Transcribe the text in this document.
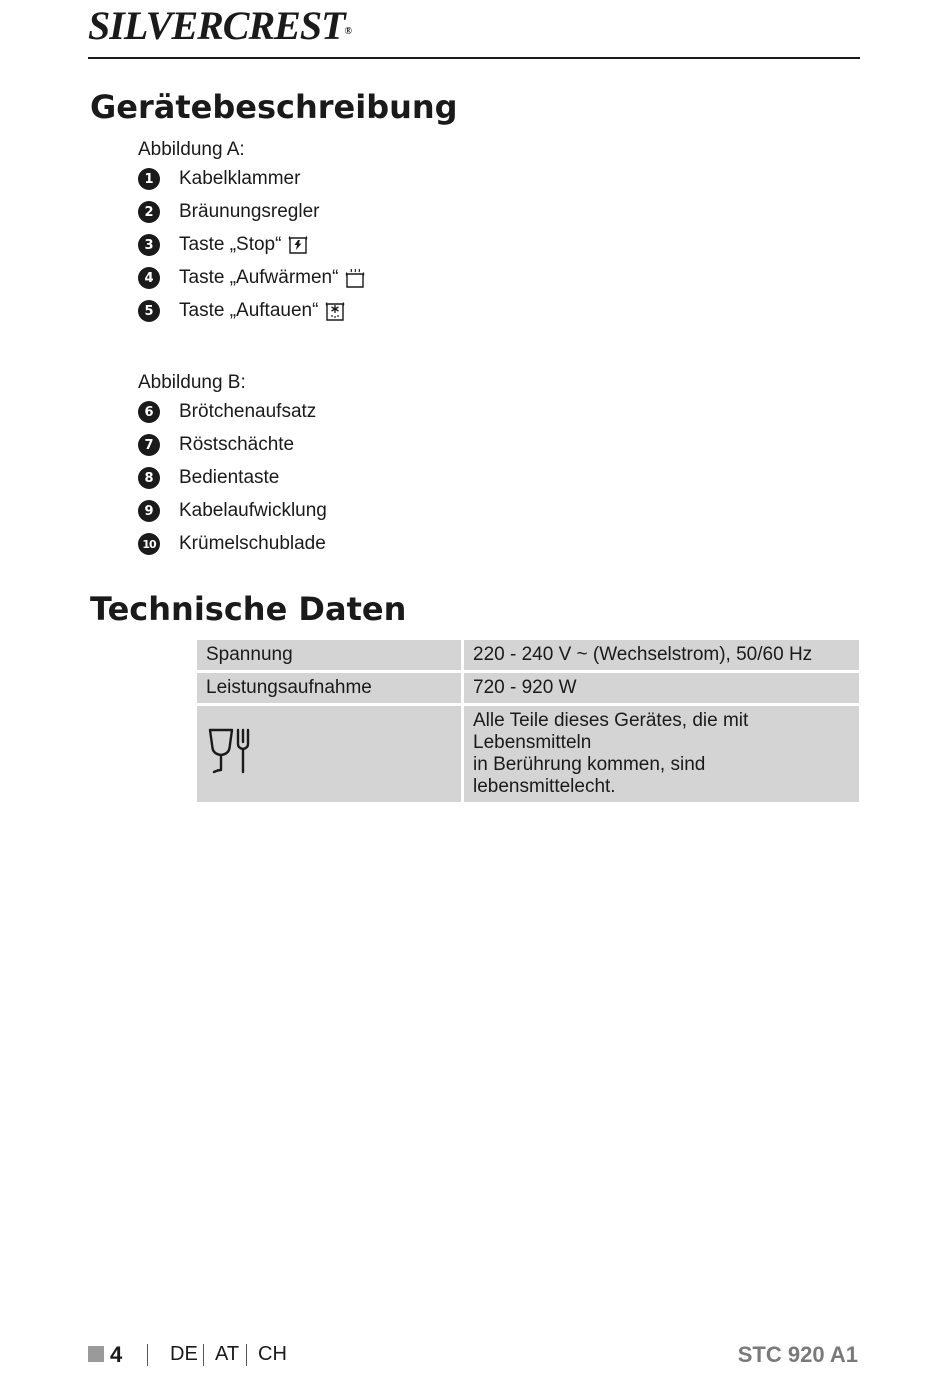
SILVERCREST®
Gerätebeschreibung
Abbildung A:
1	Kabelklammer
2	Bräunungsregler
3	Taste „Stop“
4	Taste „Aufwärmen“
5	Taste „Auftauen“
Abbildung B:
6	Brötchenaufsatz
7	Röstschächte
8	Bedientaste
9	Kabelaufwicklung
10 Krümelschublade
Technische Daten
Spannung	220 - 240 V ~ (Wechselstrom), 50/60 Hz
Leistungsaufnahme	720 - 920 W

Alle Teile dieses Gerätes, die mit Lebensmitteln
in Berührung kommen, sind lebensmittelecht.
4 DE AT CH	STC 920 A1
